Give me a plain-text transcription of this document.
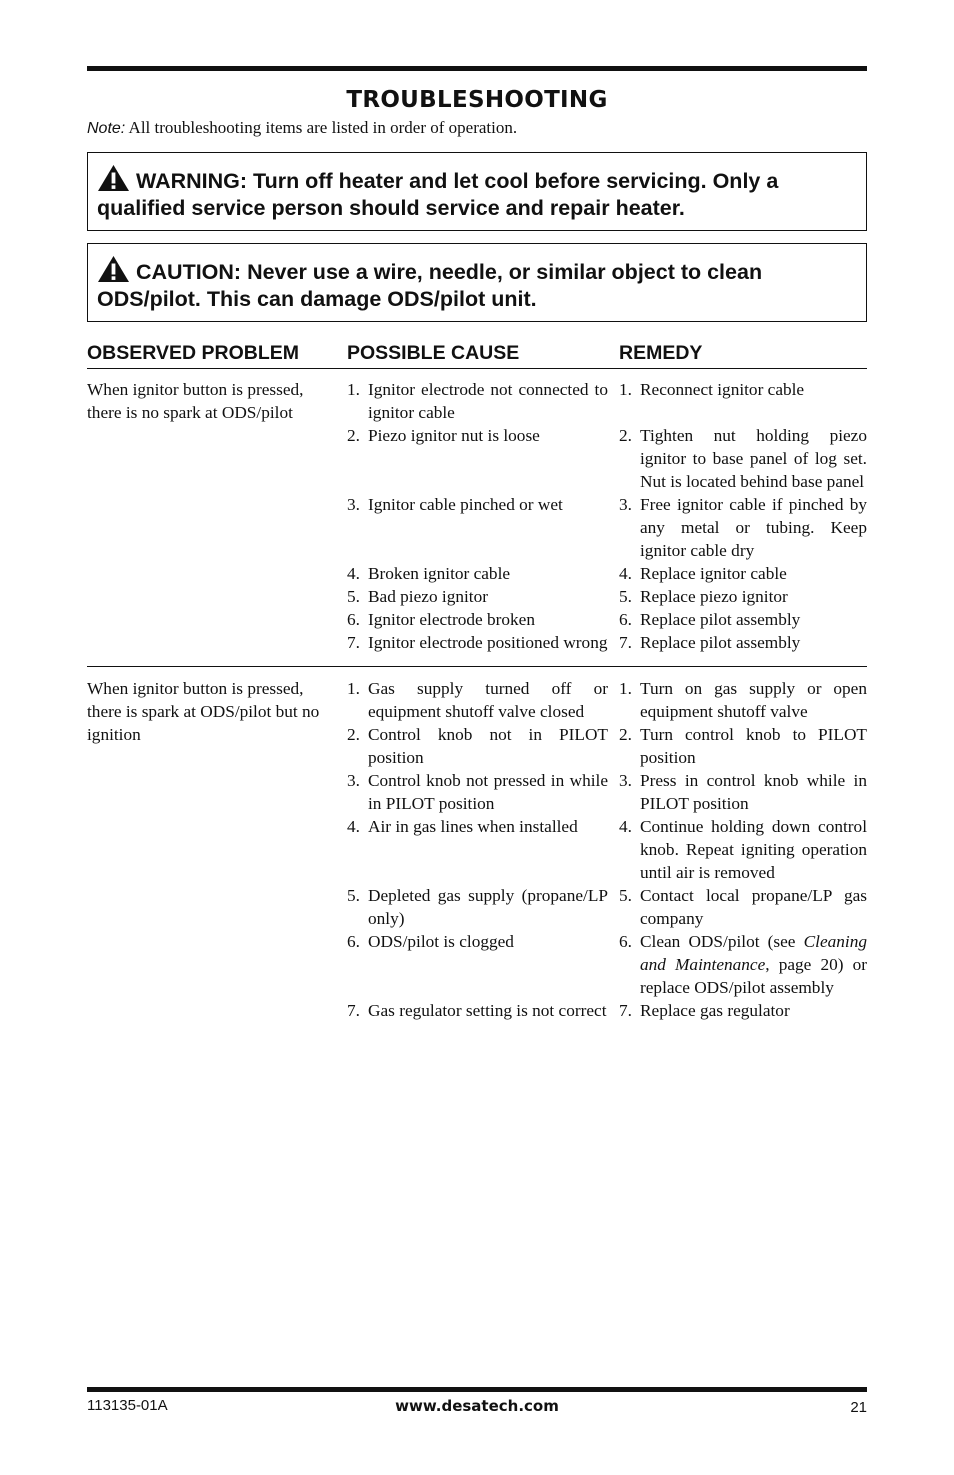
TROUBLESHOOTING
Note: All troubleshooting items are listed in order of operation.
WARNING: Turn off heater and let cool before servicing. Only a qualified service person should service and repair heater.
CAUTION: Never use a wire, needle, or similar object to clean ODS/pilot. This can damage ODS/pilot unit.
OBSERVED PROBLEM	POSSIBLE CAUSE	REMEDY
When ignitor button is pressed, there is no spark at ODS/pilot
1. Ignitor electrode not connected to ignitor cable
1. Reconnect ignitor cable
2. Piezo ignitor nut is loose	2. Tighten nut holding piezo ignitor to base panel of log set. Nut is located behind base panel
3. Ignitor cable pinched or wet	3. Free ignitor cable if pinched by any metal or tubing. Keep ignitor cable dry
4. Broken ignitor cable	4. Replace ignitor cable
5. Bad piezo ignitor	5. Replace piezo ignitor
6. Ignitor electrode broken	6. Replace pilot assembly
7. Ignitor electrode positioned wrong 7. Replace pilot assembly
When ignitor button is pressed, there is spark at ODS/pilot but no ignition
1. Gas supply turned off or equipment shutoff valve closed
1. Turn on gas supply or open equipment shutoff valve
2. Control knob not in PILOT position
2. Turn control knob to PILOT position
3. Control knob not pressed in while in PILOT position
3. Press in control knob while in PILOT position
4. Air in gas lines when installed	4. Continue holding down control knob. Repeat igniting operation until air is removed
5. Depleted gas supply (propane/LP only)
5. Contact local propane/LP gas company
6. ODS/pilot is clogged	6. Clean ODS/pilot (see Cleaning and Maintenance, page 20) or replace ODS/pilot assembly
7. Gas regulator setting is not correct 7. Replace gas regulator
113135-01A	www.desatech.com	21
